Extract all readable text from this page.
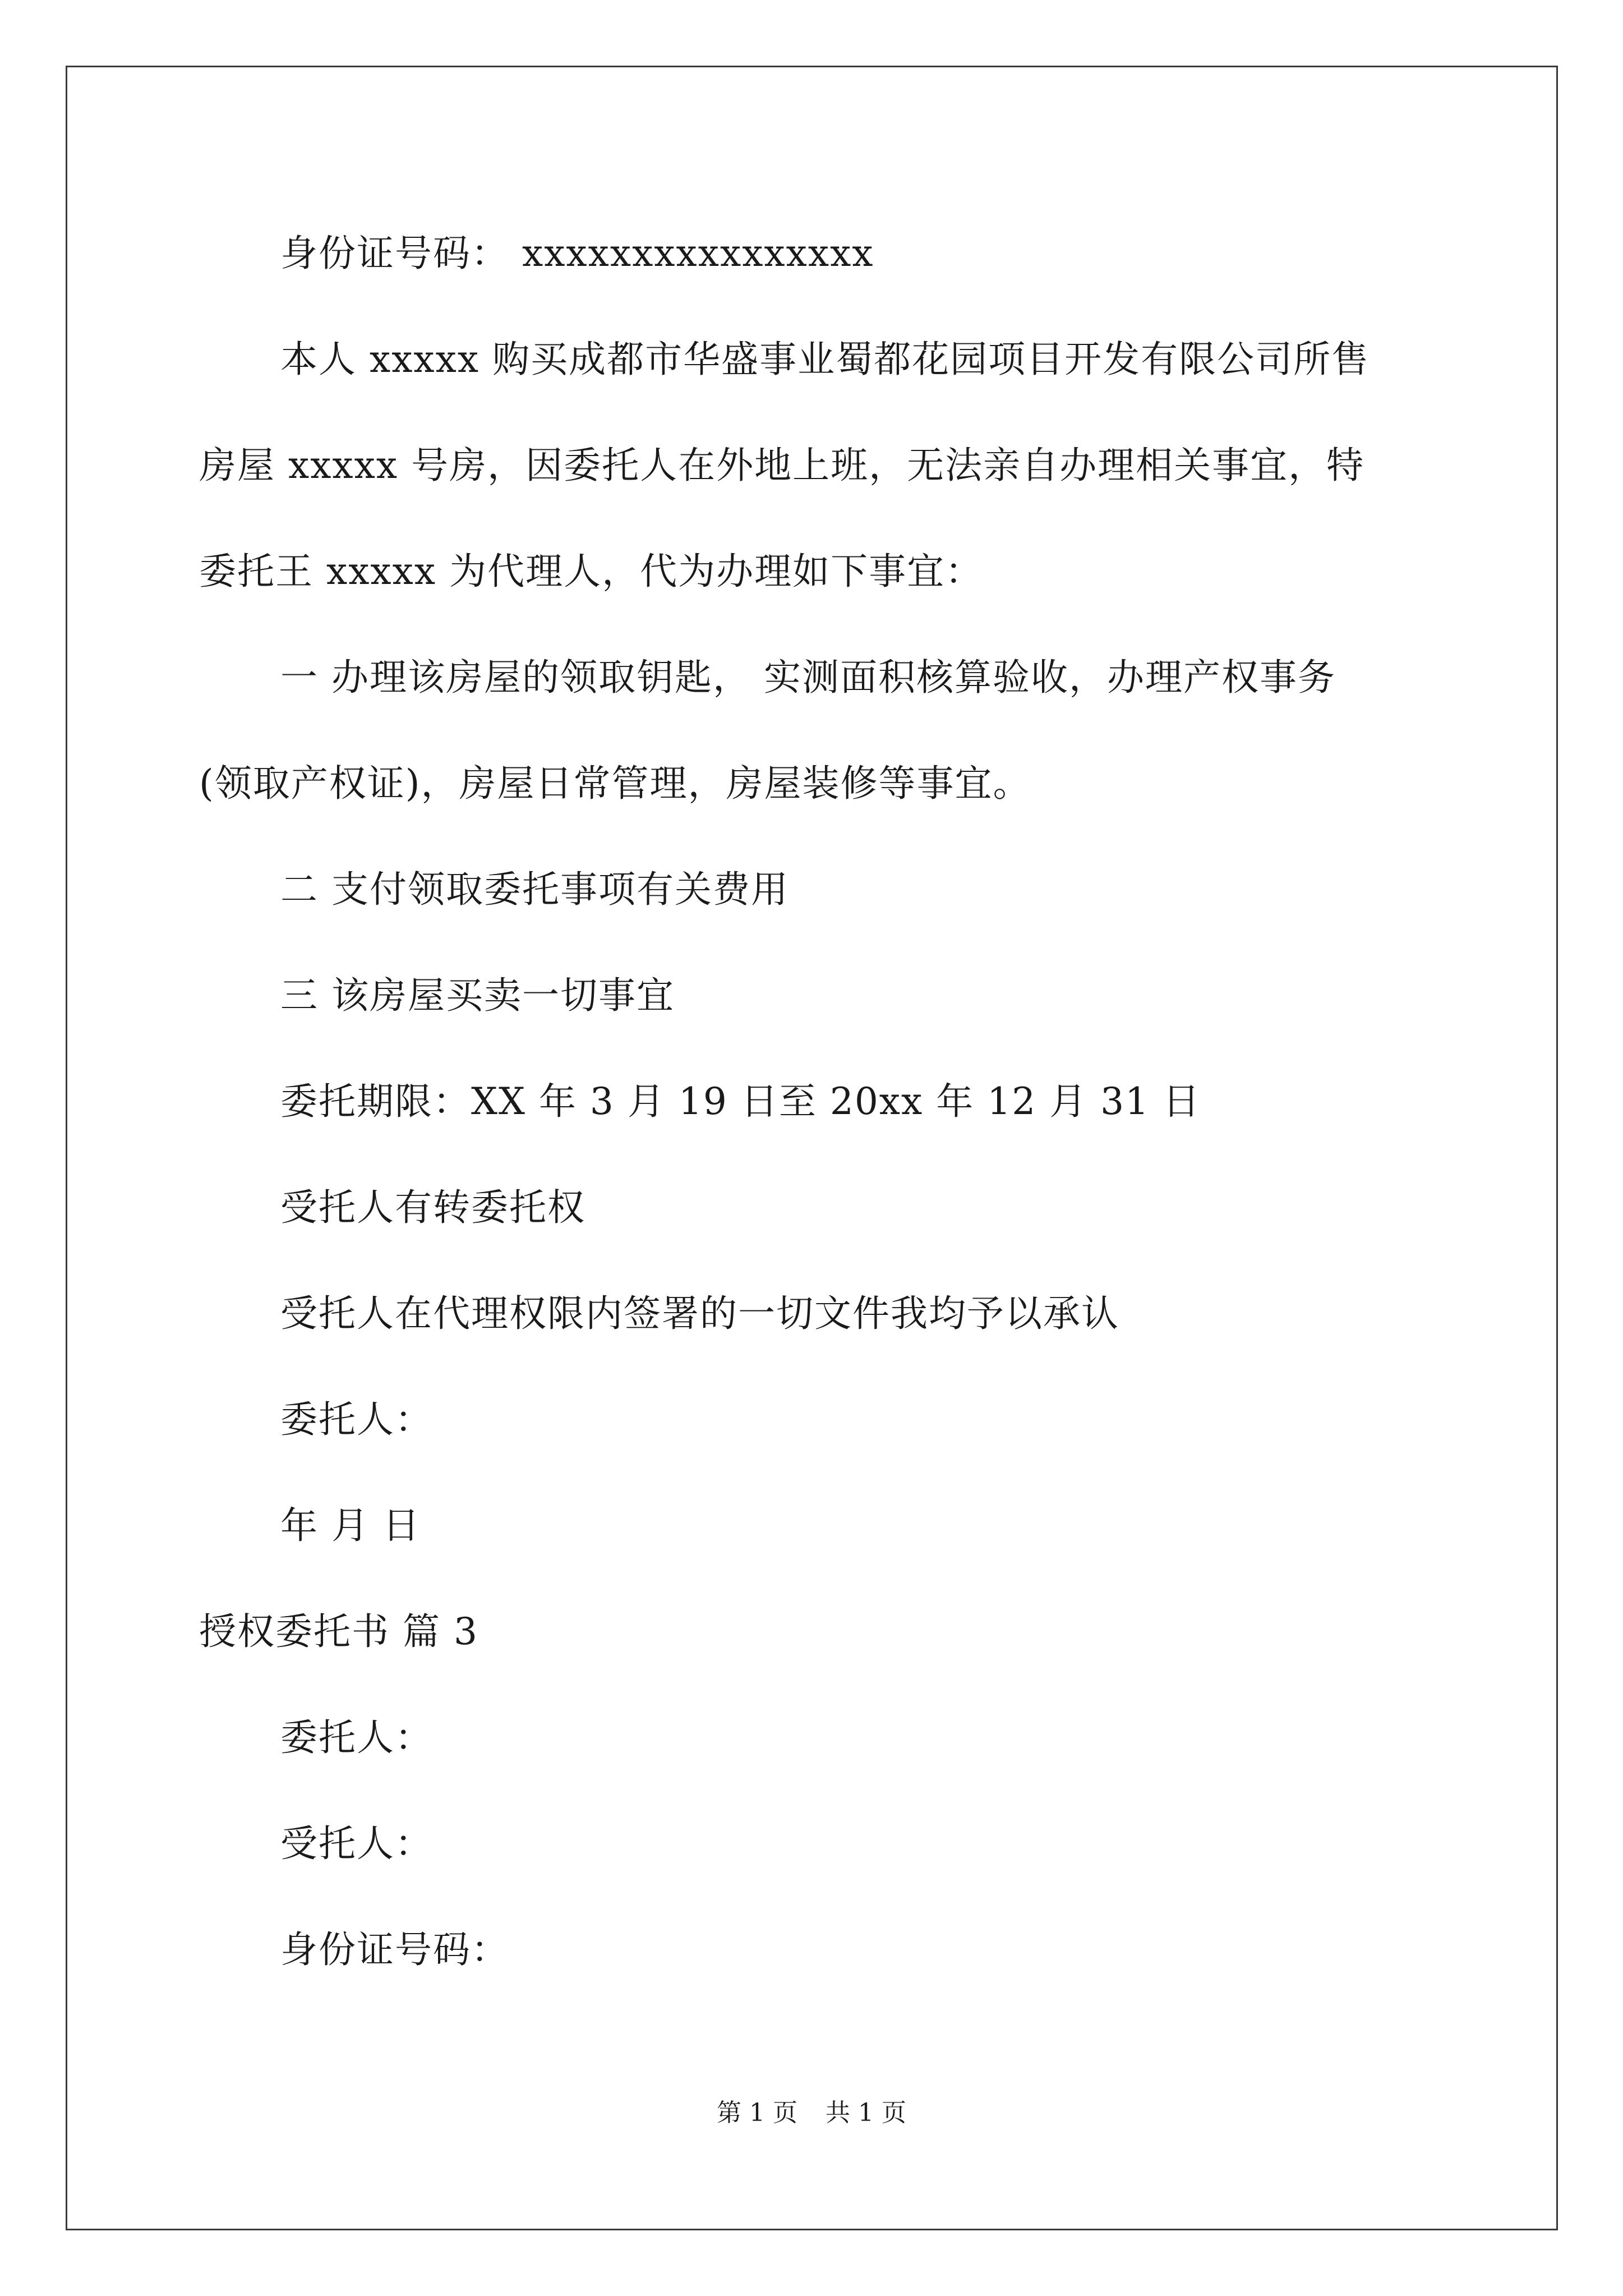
身份证号码： xxxxxxxxxxxxxxxx
本人 xxxxx 购买成都市华盛事业蜀都花园项目开发有限公司所售
房屋 xxxxx 号房，因委托人在外地上班，无法亲自办理相关事宜，特
委托王 xxxxx 为代理人，代为办理如下事宜：
一 办理该房屋的领取钥匙， 实测面积核算验收，办理产权事务
(领取产权证)，房屋日常管理，房屋装修等事宜。
二 支付领取委托事项有关费用
三 该房屋买卖一切事宜
委托期限：XX 年 3 月 19 日至 20xx 年 12 月 31 日
受托人有转委托权
受托人在代理权限内签署的一切文件我均予以承认
委托人：
年 月 日
授权委托书 篇 3
委托人：
受托人：
身份证号码：
第 1 页 共 1 页
